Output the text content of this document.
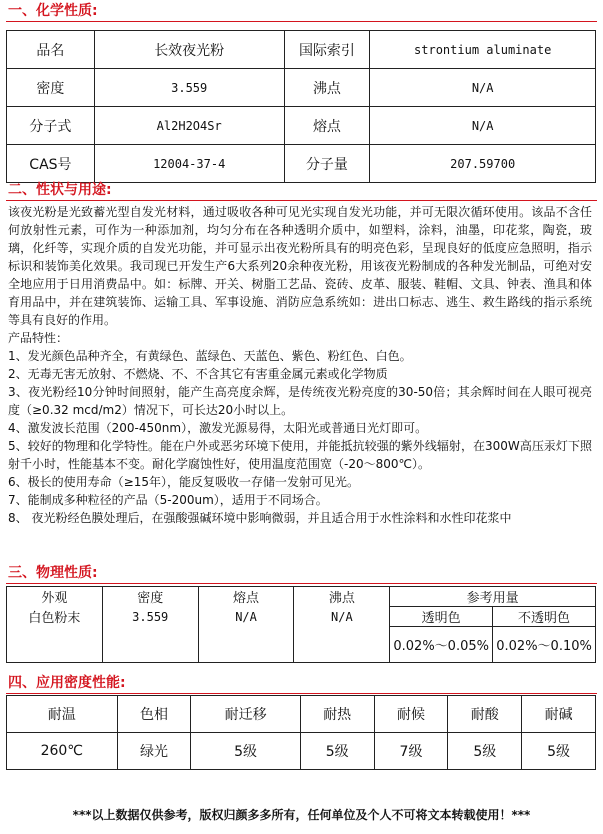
一、化学性质:
品名	长效夜光粉	国际索引	strontium aluminate
密度	3.559	沸点	N/A
分子式	Al2H2O4Sr	熔点	N/A
CAS号	12004-37-4	分子量	207.59700
二、性状与用途:

该夜光粉是光致蓄光型自发光材料，通过吸收各种可见光实现自发光功能，并可无限次循环使用。该品不含任何放射性元素，可作为一种添加剂，均匀分布在各种透明介质中，如塑料，涂料，油墨，印花浆，陶瓷，玻璃，化纤等，实现介质的自发光功能，并可显示出夜光粉所具有的明亮色彩，呈现良好的低度应急照明，指示标识和装饰美化效果。我司现已开发生产6大系列20余种夜光粉，用该夜光粉制成的各种发光制品，可绝对安全地应用于日用消费品中。如：标牌、开关、树脂工艺品、瓷砖、皮革、服装、鞋帽、文具、钟表、渔具和体育用品中，并在建筑装饰、运输工具、军事设施、消防应急系统如：进出口标志、逃生、救生路线的指示系统等具有良好的作用。

产品特性：

1、发光颜色品种齐全，有黄绿色、蓝绿色、天蓝色、紫色、粉红色、白色。

2、无毒无害无放射、不燃烧、不、不含其它有害重金属元素或化学物质

3、夜光粉经10分钟时间照射，能产生高亮度余辉，是传统夜光粉亮度的30-50倍；其余辉时间在人眼可视亮度（≥0.32 mcd/m2）情况下，可长达20小时以上。

4、激发波长范围（200-450nm），激发光源易得，太阳光或普通日光灯即可。

5、较好的物理和化学特性。能在户外或恶劣环境下使用，并能抵抗较强的紫外线辐射，在300W高压汞灯下照射千小时，性能基本不变。耐化学腐蚀性好，使用温度范围宽（-20～800℃）。

6、极长的使用寿命（≥15年），能反复吸收一存储一发射可见光。

7、能制成多种粒径的产品（5-200um），适用于不同场合。

8、 夜光粉经色膜处理后，在强酸强碱环境中影响微弱，并且适合用于水性涂料和水性印花浆中

三、物理性质:
外观	密度	熔点	沸点	参考用量	
白色粉末	3.559	N/A	N/A	透明色	不透明色
				0.02%～0.05%	0.02%～0.10%
四、应用密度性能:
耐温	色相	耐迁移	耐热	耐候	耐酸	耐碱
260℃	绿光	5级	5级	7级	5级	5级
***以上数据仅供参考，版权归颜多多所有，任何单位及个人不可将文本转载使用！***
